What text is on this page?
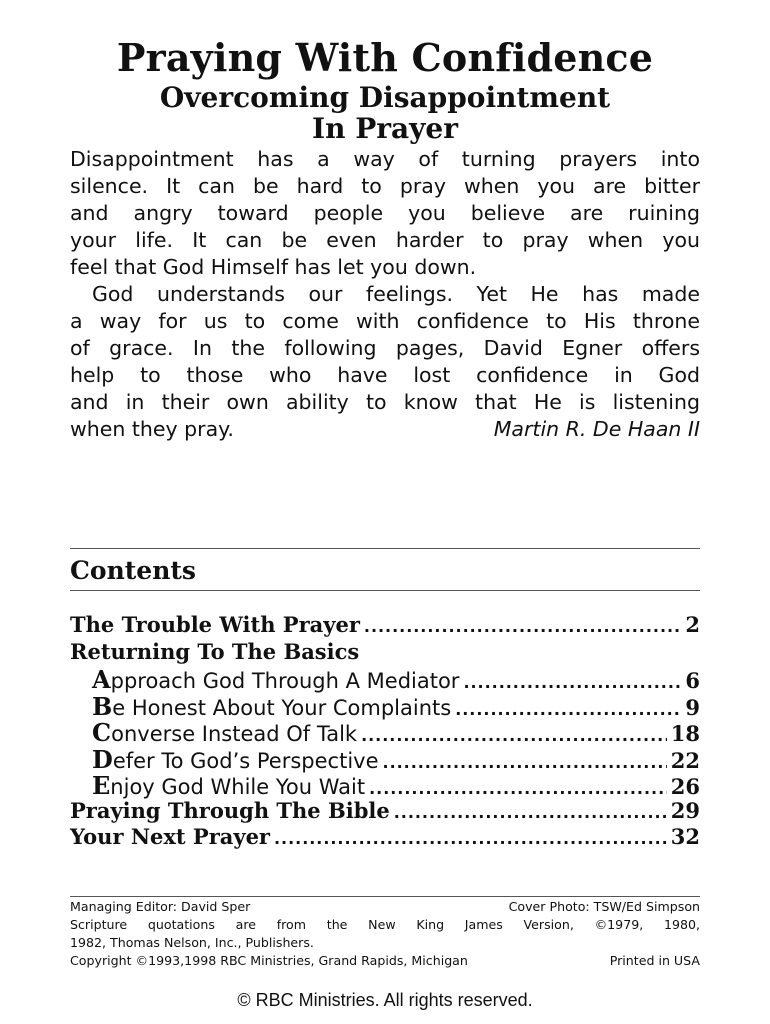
Praying With Confidence
Overcoming Disappointment
In Prayer
Disappointment has a way of turning prayers into
silence. It can be hard to pray when you are bitter
and angry toward people you believe are ruining
your life. It can be even harder to pray when you
feel that God Himself has let you down.
God understands our feelings. Yet He has made
a way for us to come with confidence to His throne
of grace. In the following pages, David Egner offers
help to those who have lost confidence in God
and in their own ability to know that He is listening
when they pray.	Martin R. De Haan II
Contents
The Trouble With Prayer . . .	2
Returning To The Basics
Approach God Through A Mediator . . .	6
Be Honest About Your Complaints . . .	9
Converse Instead Of Talk . . .	18
Defer To God’s Perspective . . .	22
Enjoy God While You Wait . . .	26
Praying Through The Bible . . .	29
Your Next Prayer . . .	32
Managing Editor: David Sper	Cover Photo: TSW/Ed Simpson
Scripture quotations are from the New King James Version, ©1979, 1980,
1982, Thomas Nelson, Inc., Publishers.
Copyright ©1993,1998 RBC Ministries, Grand Rapids, Michigan	Printed in USA
© RBC Ministries. All rights reserved.
